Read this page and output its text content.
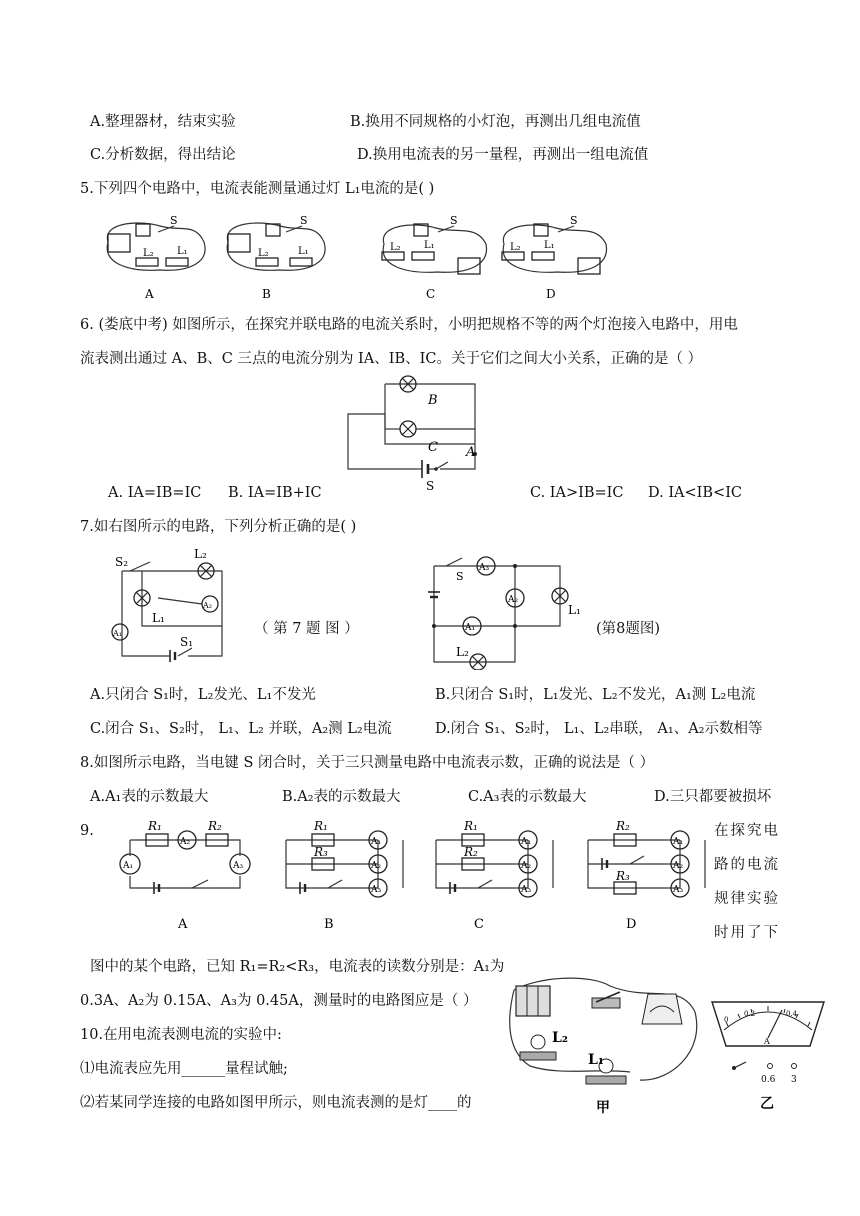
A.整理器材，结束实验	B.换用不同规格的小灯泡，再测出几组电流值
C.分析数据，得出结论	D.换用电流表的另一量程，再测出一组电流值
5.下列四个电路中，电流表能测量通过灯 L₁电流的是( )
S
L₂ L₁
A
S
L₂	L₁
B
S
L₂ L₁
C
S
L₂ L₁
D
6. (娄底中考) 如图所示，在探究并联电路的电流关系时，小明把规格不等的两个灯泡接入电路中，用电
流表测出通过 A、B、C 三点的电流分别为 IA、IB、IC。关于它们之间大小关系，正确的是（ ）
B
C A
S
A. IA=IB=IC B. IA=IB+IC	C. IA>IB=IC D. IA<IB<IC
7.如右图所示的电路，下列分析正确的是( )
S₂
L₂
L₁
S₁
A₂
A₁	（ 第 7 题 图 ）
S
A₃
A₂
A₁
L₁
L₂
(第8题图)
A.只闭合 S₁时，L₂发光、L₁不发光	B.只闭合 S₁时，L₁发光、L₂不发光，A₁测 L₂电流
C.闭合 S₁、S₂时， L₁、L₂ 并联，A₂测 L₂电流	D.闭合 S₁、S₂时， L₁、L₂串联， A₁、A₂示数相等
8.如图所示电路，当电键 S 闭合时，关于三只测量电路中电流表示数，正确的说法是（ ）
A.A₁表的示数最大	B.A₂表的示数最大	C.A₃表的示数最大	D.三只都要被损坏
9.	R₁	R₂
A₂
A₁	A₃
A
R₁
R₃
A₁
A₂
A₃
B
R₁
R₂
A₁
A₂
A₃
C
R₂
R₃
A₁
A₂
A₃
D
在探究电
路的电流
规律实验
时用了下
图中的某个电路，已知 R₁=R₂<R₃，电流表的读数分别是：A₁为
0.3A、A₂为 0.15A、A₃为 0.45A，测量时的电路图应是（ ）
10.在用电流表测电流的实验中:
⑴电流表应先用______量程试触;
⑵若某同学连接的电路如图甲所示，则电流表测的是灯____的
L₂
L₁
甲
0
0.2	0.4
A
0.6 3
乙
